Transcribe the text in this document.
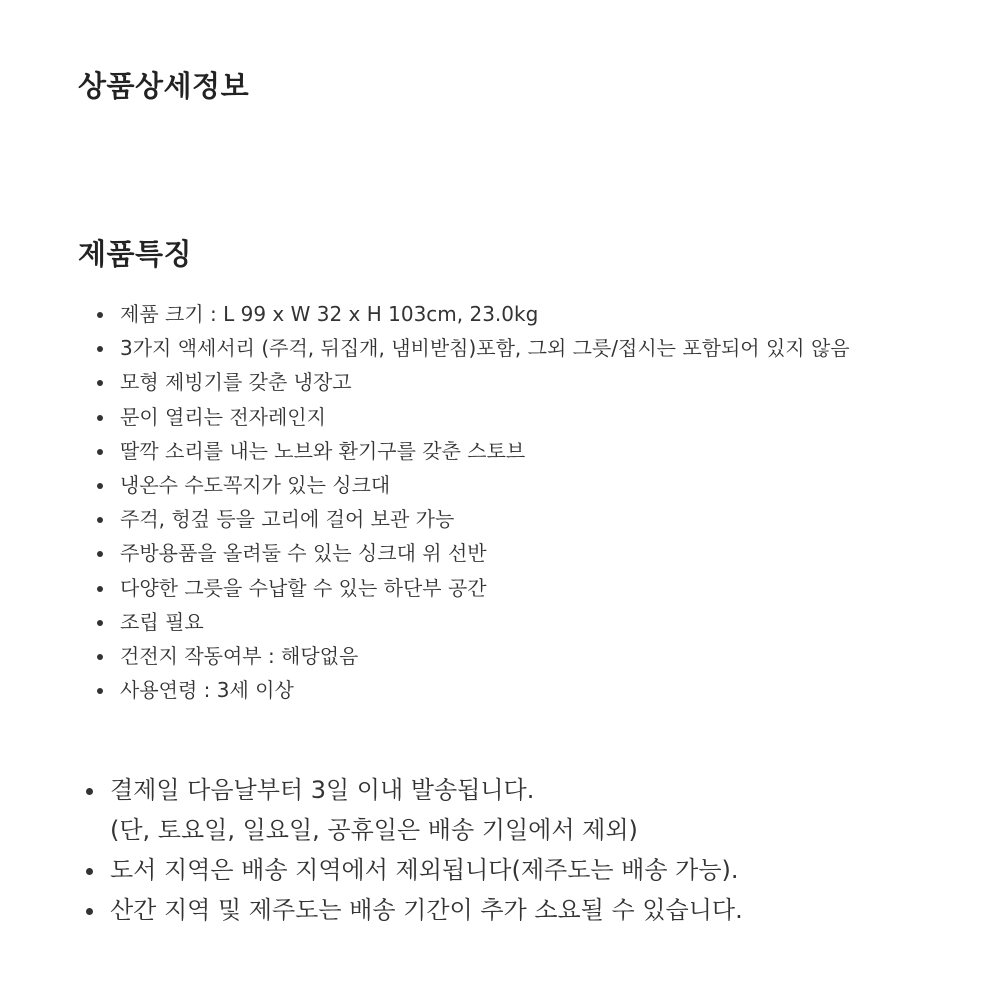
상품상세정보
제품특징
제품 크기 : L 99 x W 32 x H 103cm, 23.0kg
3가지 액세서리 (주걱, 뒤집개, 냄비받침)포함, 그외 그릇/접시는 포함되어 있지 않음
모형 제빙기를 갖춘 냉장고
문이 열리는 전자레인지
딸깍 소리를 내는 노브와 환기구를 갖춘 스토브
냉온수 수도꼭지가 있는 싱크대
주걱, 헝겊 등을 고리에 걸어 보관 가능
주방용품을 올려둘 수 있는 싱크대 위 선반
다양한 그릇을 수납할 수 있는 하단부 공간
조립 필요
건전지 작동여부 : 해당없음
사용연령 : 3세 이상
결제일 다음날부터 3일 이내 발송됩니다.
(단, 토요일, 일요일, 공휴일은 배송 기일에서 제외)
도서 지역은 배송 지역에서 제외됩니다(제주도는 배송 가능).
산간 지역 및 제주도는 배송 기간이 추가 소요될 수 있습니다.
